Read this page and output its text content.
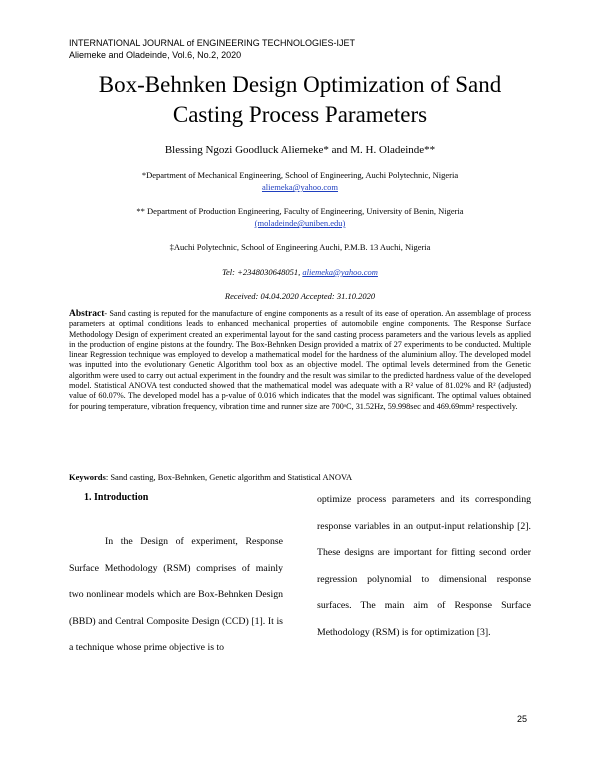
INTERNATIONAL JOURNAL of ENGINEERING TECHNOLOGIES-IJET
Aliemeke and Oladeinde, Vol.6, No.2, 2020
Box-Behnken Design Optimization of Sand
Casting Process Parameters
Blessing Ngozi Goodluck Aliemeke* and M. H. Oladeinde**
*Department of Mechanical Engineering, School of Engineering, Auchi Polytechnic, Nigeria
aliemeka@yahoo.com
** Department of Production Engineering, Faculty of Engineering, University of Benin, Nigeria
(moladeinde@uniben.edu)
‡Auchi Polytechnic, School of Engineering Auchi, P.M.B. 13 Auchi, Nigeria
Tel: +2348030648051, aliemeka@yahoo.com
Received: 04.04.2020 Accepted: 31.10.2020
Abstract- Sand casting is reputed for the manufacture of engine components as a result of its ease of operation. An assemblage of process parameters at optimal conditions leads to enhanced mechanical properties of automobile engine components. The Response Surface Methodology Design of experiment created an experimental layout for the sand casting process parameters and the various levels as applied in the production of engine pistons at the foundry. The Box-Behnken Design provided a matrix of 27 experiments to be conducted. Multiple linear Regression technique was employed to develop a mathematical model for the hardness of the aluminium alloy. The developed model was inputted into the evolutionary Genetic Algorithm tool box as an objective model. The optimal levels determined from the Genetic algorithm were used to carry out actual experiment in the foundry and the result was similar to the predicted hardness value of the developed model. Statistical ANOVA test conducted showed that the mathematical model was adequate with a R² value of 81.02% and R² (adjusted) value of 60.07%. The developed model has a p-value of 0.016 which indicates that the model was significant. The optimal values obtained for pouring temperature, vibration frequency, vibration time and runner size are 700ᵒC, 31.52Hz, 59.998sec and 469.69mm² respectively.
Keywords: Sand casting, Box-Behnken, Genetic algorithm and Statistical ANOVA
1. Introduction
In the Design of experiment, Response Surface Methodology (RSM) comprises of mainly two nonlinear models which are Box-Behnken Design (BBD) and Central Composite Design (CCD) [1]. It is a technique whose prime objective is to
optimize process parameters and its corresponding response variables in an output-input relationship [2]. These designs are important for fitting second order regression polynomial to dimensional response surfaces. The main aim of Response Surface Methodology (RSM) is for optimization [3].
25
